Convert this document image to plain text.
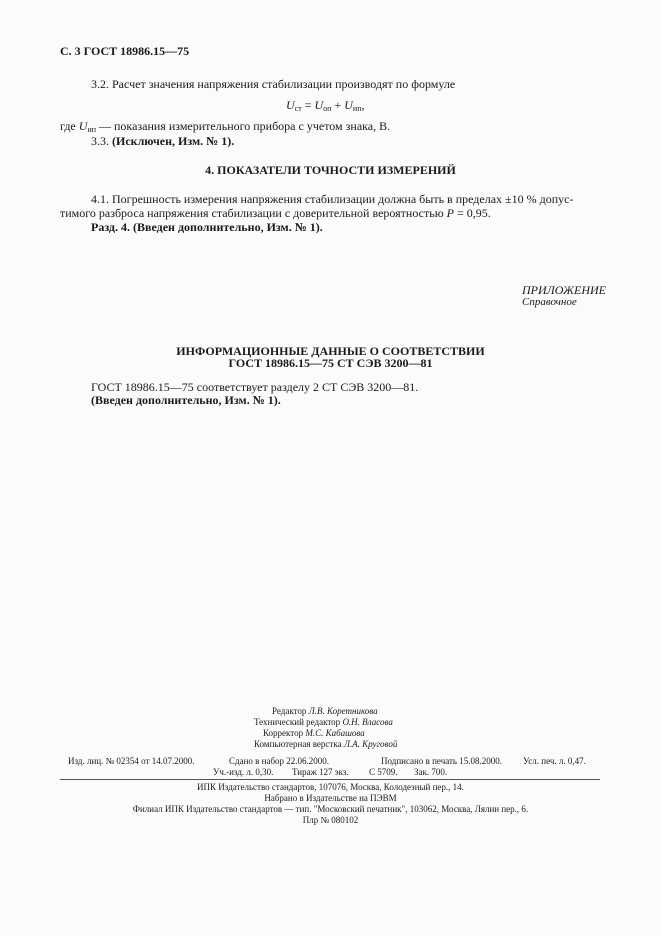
С. 3 ГОСТ 18986.15—75
3.2. Расчет значения напряжения стабилизации производят по формуле
$U_{ст} = U_{оп} + U_{ип}$,
где $U_{ип}$ — показания измерительного прибора с учетом знака, В.
3.3. (Исключен, Изм. № 1).
4. ПОКАЗАТЕЛИ ТОЧНОСТИ ИЗМЕРЕНИЙ
4.1. Погрешность измерения напряжения стабилизации должна быть в пределах ±10 % допус-
тимого разброса напряжения стабилизации с доверительной вероятностью P = 0,95.
Разд. 4. (Введен дополнительно, Изм. № 1).
ПРИЛОЖЕНИЕ
Справочное
ИНФОРМАЦИОННЫЕ ДАННЫЕ О СООТВЕТСТВИИ
ГОСТ 18986.15—75 СТ СЭВ 3200—81
ГОСТ 18986.15—75 соответствует разделу 2 СТ СЭВ 3200—81.
(Введен дополнительно, Изм. № 1).
Редактор Л.В. Коретникова
Технический редактор О.Н. Власова
Корректор М.С. Кабашова
Компьютерная верстка Л.А. Круговой
Изд. лиц. № 02354 от 14.07.2000.	Сдано в набор 22.06.2000.	Подписано в печать 15.08.2000. Усл. печ. л. 0,47.
Уч.-изд. л. 0,30. Тираж 127 экз. С 5709. Зак. 700.
ИПК Издательство стандартов, 107076, Москва, Колодезный пер., 14.
Набрано в Издательстве на ПЭВМ
Филиал ИПК Издательство стандартов — тип. "Московский печатник", 103062, Москва, Лялин пер., 6.
Плр № 080102
